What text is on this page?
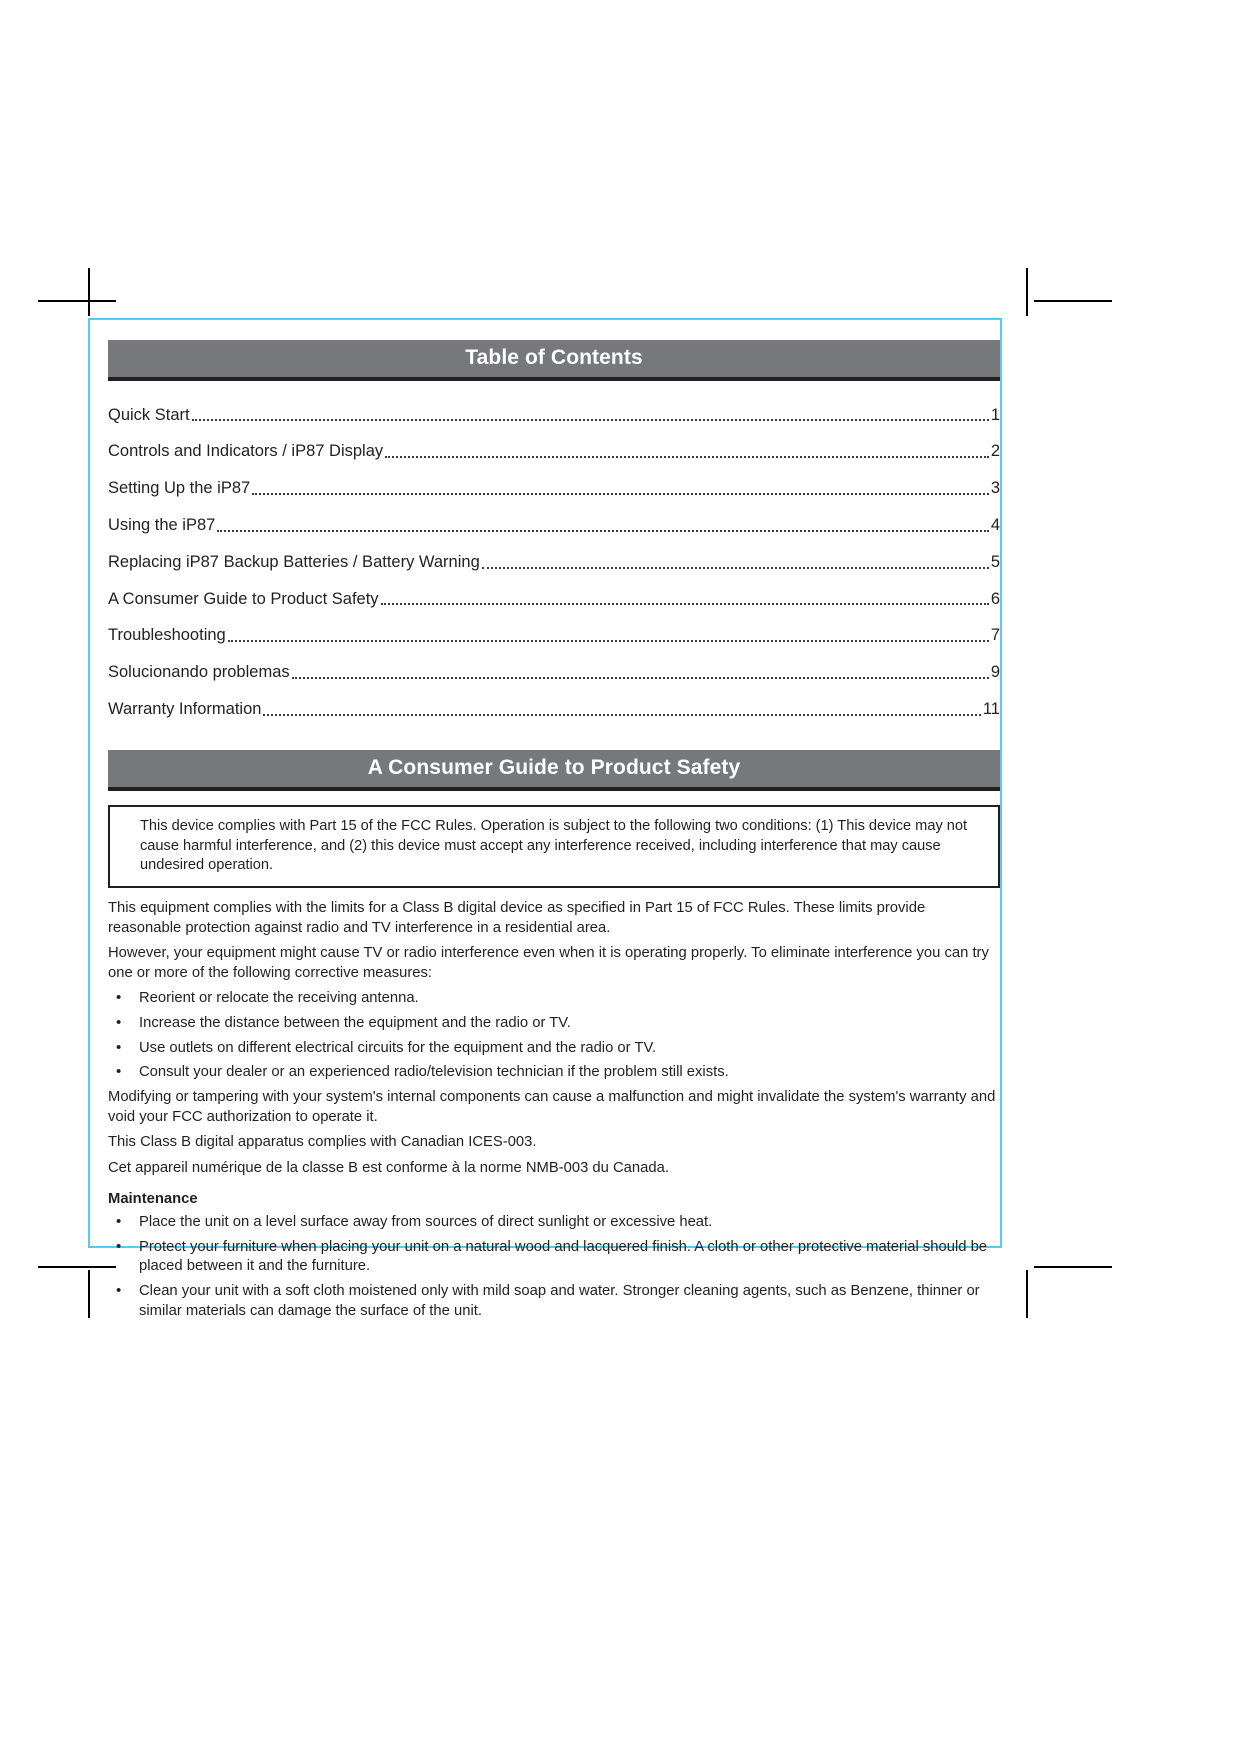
Table of Contents
Quick Start	1
Controls and Indicators / iP87 Display	2
Setting Up the iP87	3
Using the iP87	4
Replacing iP87 Backup Batteries / Battery Warning	5
A Consumer Guide to Product Safety	6
Troubleshooting	7
Solucionando problemas	9
Warranty Information	11
A Consumer Guide to Product Safety

This device complies with Part 15 of the FCC Rules. Operation is subject to the following two conditions: (1) This device may not cause harmful interference, and (2) this device must accept any interference received, including interference that may cause undesired operation.

This equipment complies with the limits for a Class B digital device as specified in Part 15 of FCC Rules. These limits provide reasonable protection against radio and TV interference in a residential area.

However, your equipment might cause TV or radio interference even when it is operating properly. To eliminate interference you can try one or more of the following corrective measures:

• Reorient or relocate the receiving antenna.
• Increase the distance between the equipment and the radio or TV.
• Use outlets on different electrical circuits for the equipment and the radio or TV.
• Consult your dealer or an experienced radio/television technician if the problem still exists.

Modifying or tampering with your system's internal components can cause a malfunction and might invalidate the system's warranty and void your FCC authorization to operate it.

This Class B digital apparatus complies with Canadian ICES-003.

Cet appareil numérique de la classe B est conforme à la norme NMB-003 du Canada.

Maintenance
• Place the unit on a level surface away from sources of direct sunlight or excessive heat.
• Protect your furniture when placing your unit on a natural wood and lacquered finish. A cloth or other protective material should be placed between it and the furniture.
• Clean your unit with a soft cloth moistened only with mild soap and water. Stronger cleaning agents, such as Benzene, thinner or similar materials can damage the surface of the unit.
